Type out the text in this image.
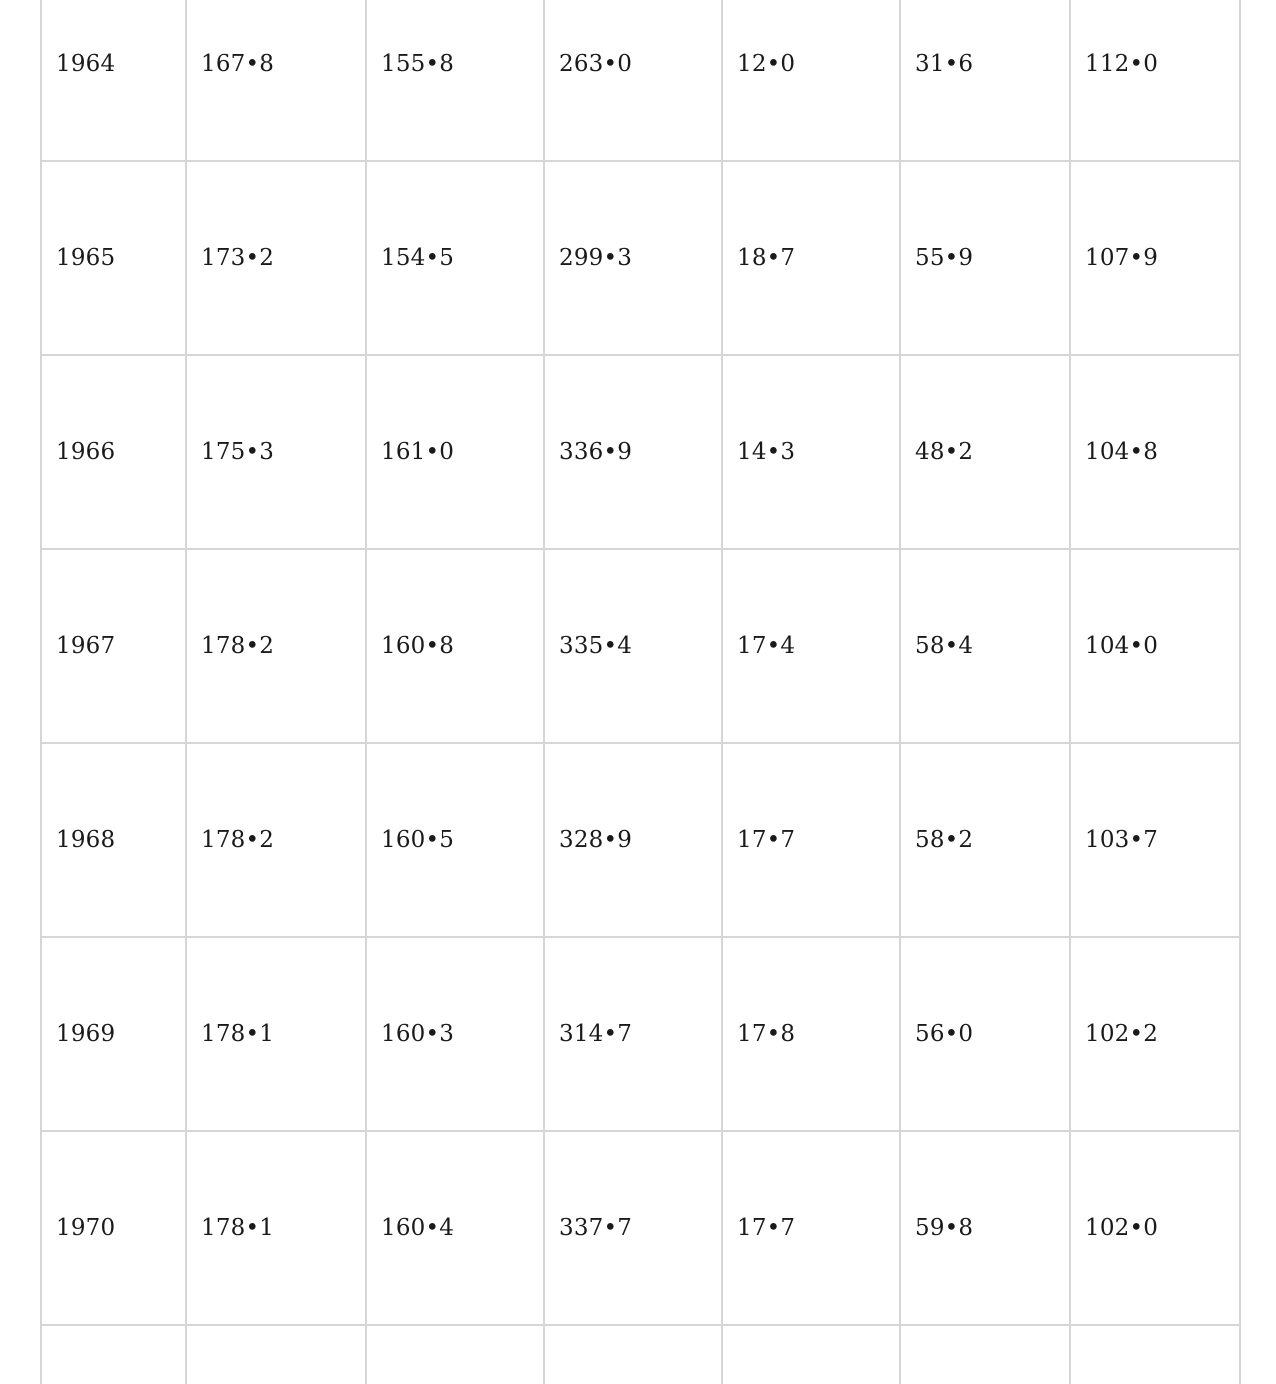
1964	167•8	155•8	263•0	12•0	31•6	112•0
1965	173•2	154•5	299•3	18•7	55•9	107•9
1966	175•3	161•0	336•9	14•3	48•2	104•8
1967	178•2	160•8	335•4	17•4	58•4	104•0
1968	178•2	160•5	328•9	17•7	58•2	103•7
1969	178•1	160•3	314•7	17•8	56•0	102•2
1970	178•1	160•4	337•7	17•7	59•8	102•0
